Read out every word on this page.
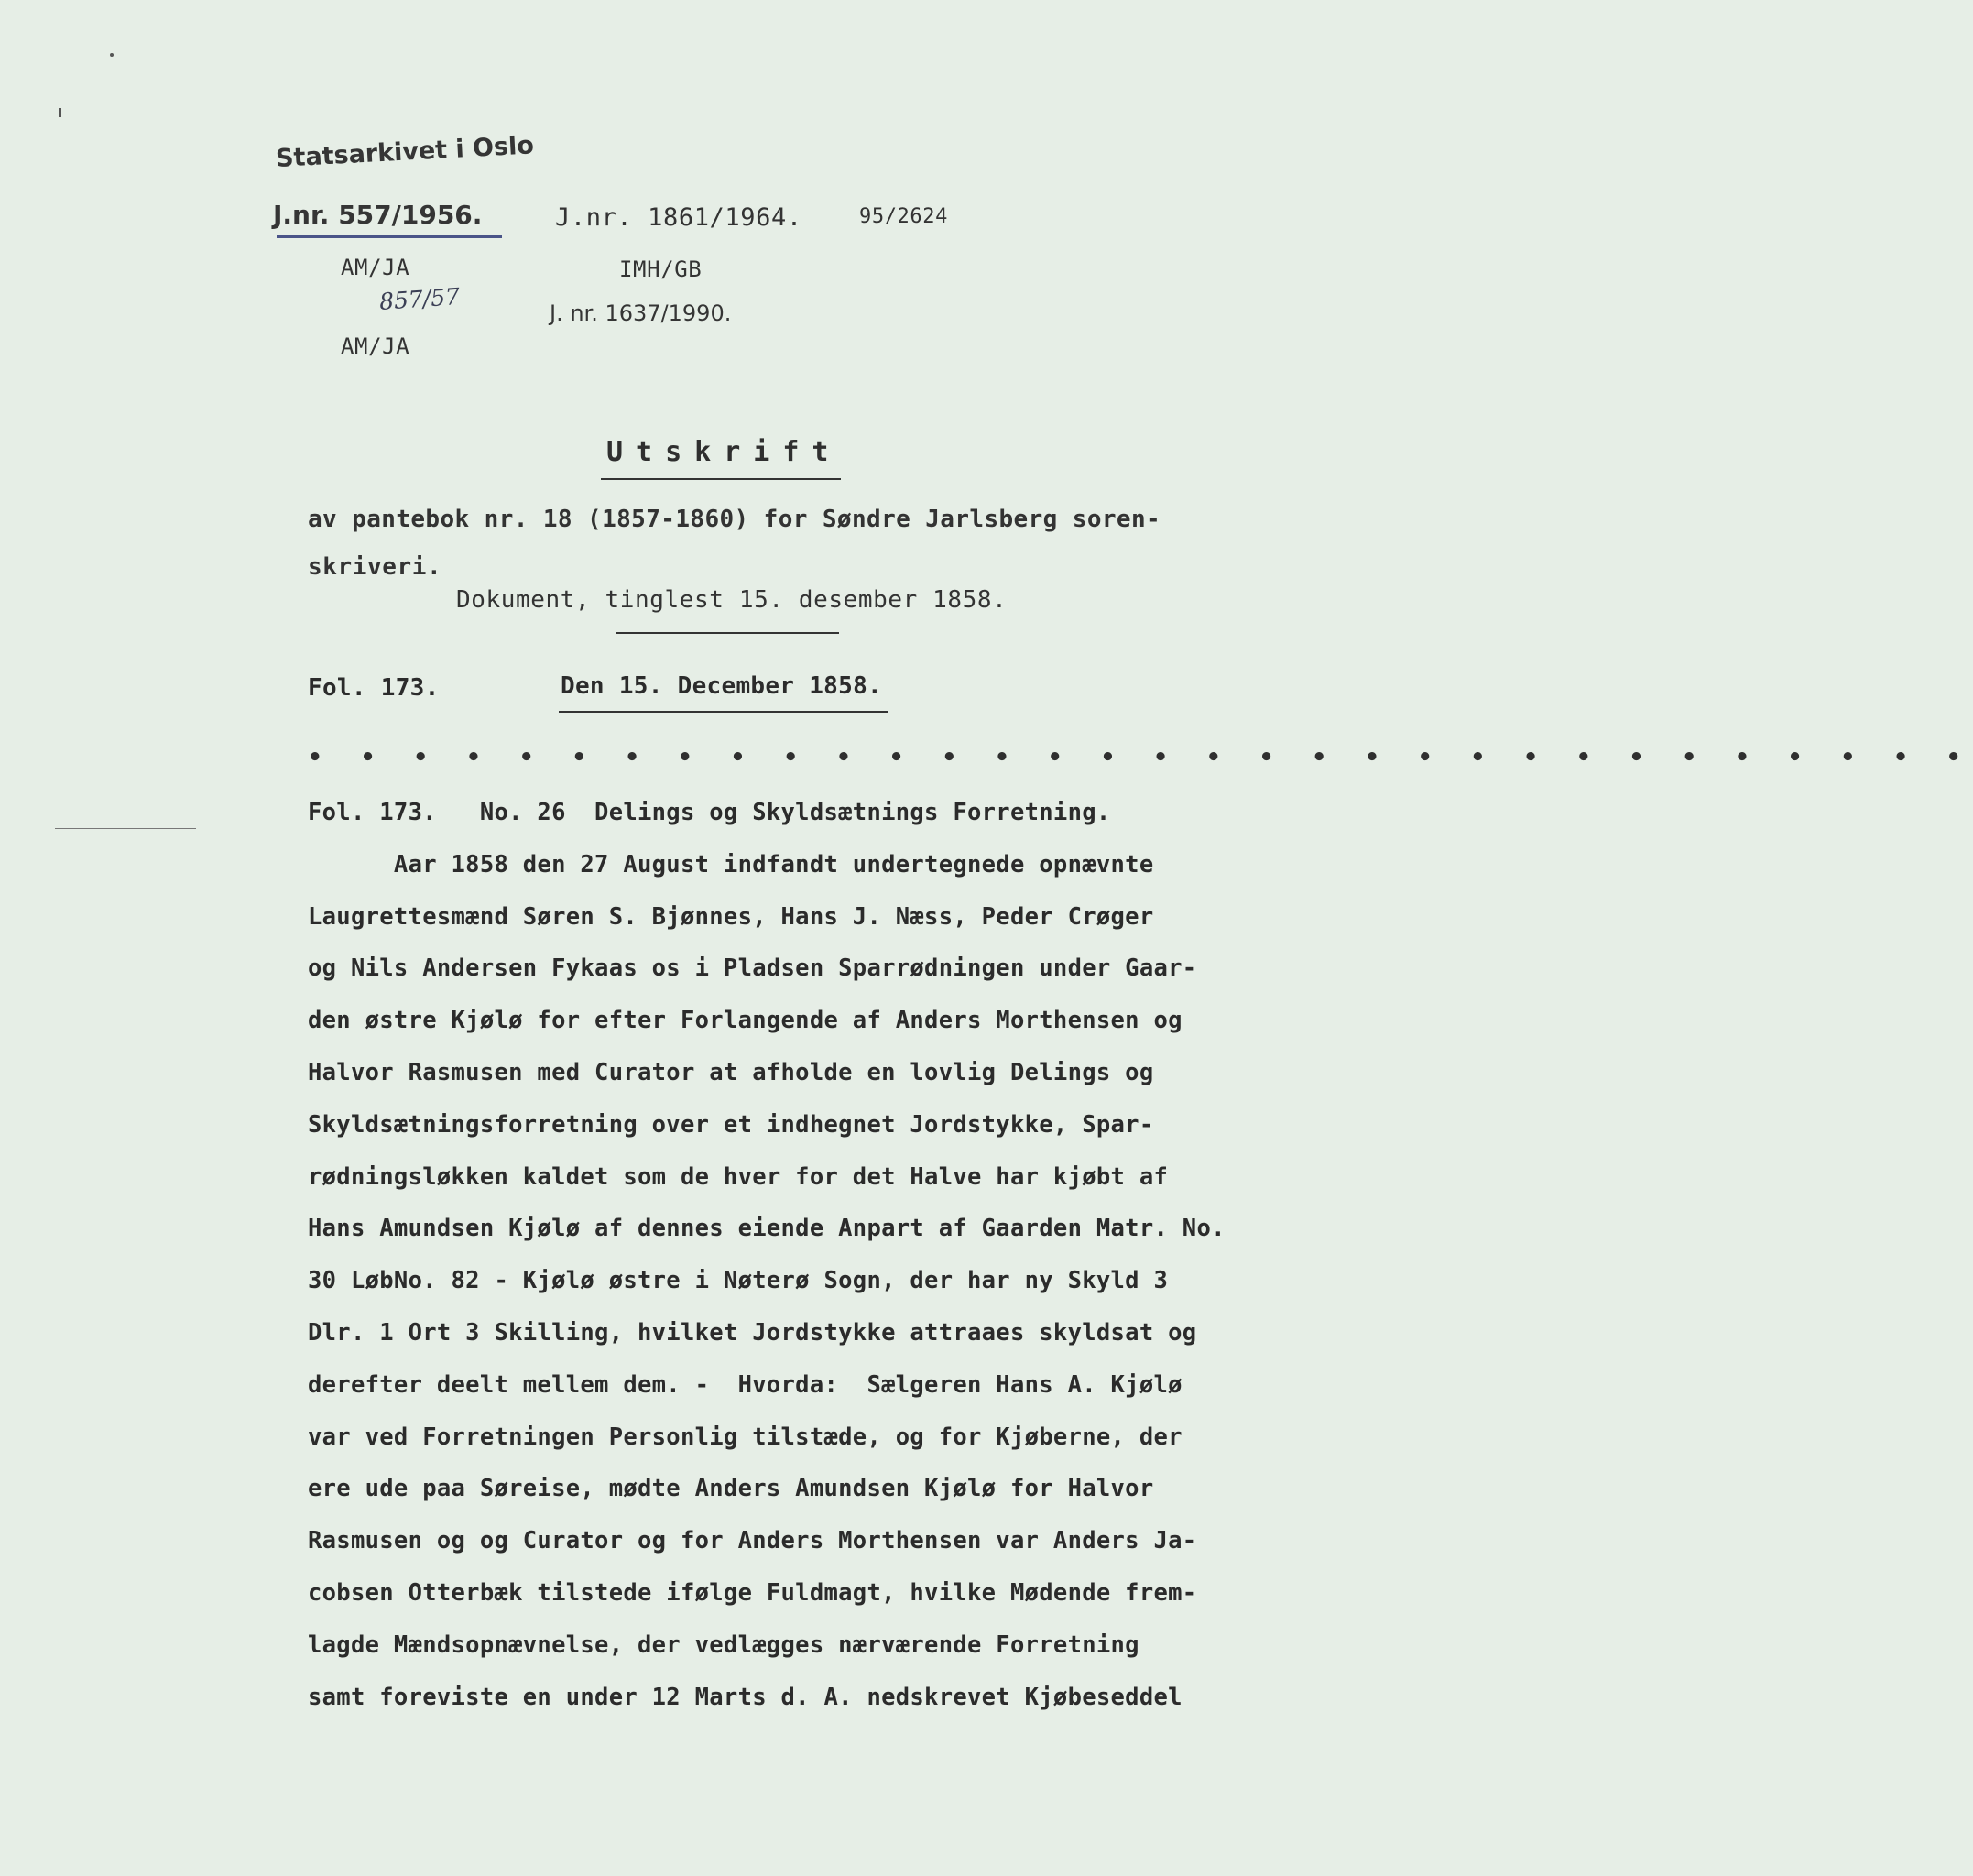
Statsarkivet i Oslo
J.nr. 557/1956.	J.nr. 1861/1964.	95/2624
AM/JA	IMH/GB
857/57	J. nr. 1637/1990.
AM/JA
Utskrift
av pantebok nr. 18 (1857-1860) for Søndre Jarlsberg soren-
skriveri.
Dokument, tinglest 15. desember 1858.
Fol. 173.	Den 15. December 1858.
• • • • • • • • • • • • • • • • • • • • • • • • • • • • • • • •
Fol. 173.   No. 26  Delings og Skyldsætnings Forretning.
Aar 1858 den 27 August indfandt undertegnede opnævnte
Laugrettesmænd Søren S. Bjønnes, Hans J. Næss, Peder Crøger
og Nils Andersen Fykaas os i Pladsen Sparrødningen under Gaar-
den østre Kjølø for efter Forlangende af Anders Morthensen og
Halvor Rasmusen med Curator at afholde en lovlig Delings og
Skyldsætningsforretning over et indhegnet Jordstykke, Spar-
rødningsløkken kaldet som de hver for det Halve har kjøbt af
Hans Amundsen Kjølø af dennes eiende Anpart af Gaarden Matr. No.
30 LøbNo. 82 - Kjølø østre i Nøterø Sogn, der har ny Skyld 3
Dlr. 1 Ort 3 Skilling, hvilket Jordstykke attraaes skyldsat og
derefter deelt mellem dem. -  Hvorda:  Sælgeren Hans A. Kjølø
var ved Forretningen Personlig tilstæde, og for Kjøberne, der
ere ude paa Søreise, mødte Anders Amundsen Kjølø for Halvor
Rasmusen og og Curator og for Anders Morthensen var Anders Ja-
cobsen Otterbæk tilstede ifølge Fuldmagt, hvilke Mødende frem-
lagde Mændsopnævnelse, der vedlægges nærværende Forretning
samt foreviste en under 12 Marts d. A. nedskrevet Kjøbeseddel
